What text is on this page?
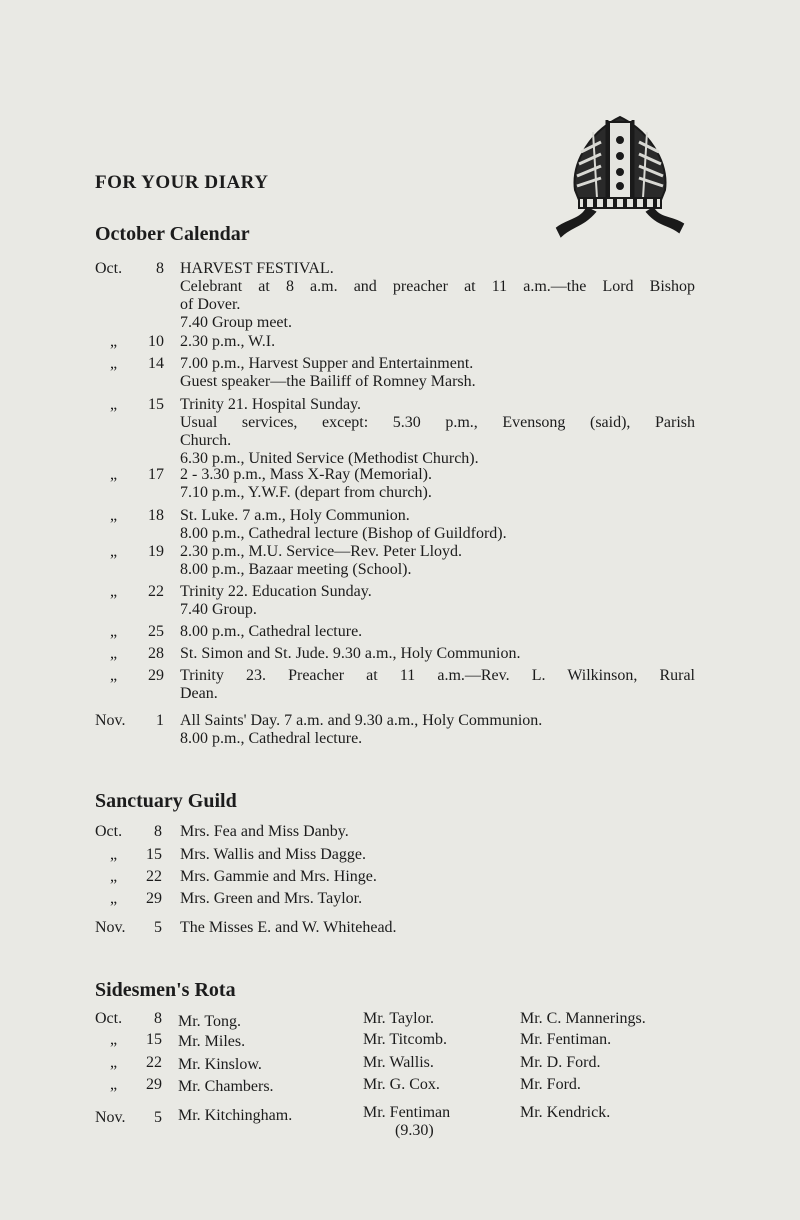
FOR YOUR DIARY
October Calendar
Oct.	8 HARVEST FESTIVAL.
Celebrant at 8 a.m. and preacher at 11 a.m.—the Lord Bishop
of Dover.
7.40 Group meet.
„	10 2.30 p.m., W.I.
„	14 7.00 p.m., Harvest Supper and Entertainment.
Guest speaker—the Bailiff of Romney Marsh.
„	15 Trinity 21. Hospital Sunday.
Usual services, except: 5.30 p.m., Evensong (said), Parish
Church.
6.30 p.m., United Service (Methodist Church).
„	17 2 - 3.30 p.m., Mass X-Ray (Memorial).
7.10 p.m., Y.W.F. (depart from church).
„	18 St. Luke. 7 a.m., Holy Communion.
8.00 p.m., Cathedral lecture (Bishop of Guildford).
„	19 2.30 p.m., M.U. Service—Rev. Peter Lloyd.
8.00 p.m., Bazaar meeting (School).
„	22 Trinity 22. Education Sunday.
7.40 Group.
„	25 8.00 p.m., Cathedral lecture.
„	28 St. Simon and St. Jude. 9.30 a.m., Holy Communion.
„	29 Trinity 23. Preacher at 11 a.m.—Rev. L. Wilkinson, Rural
Dean.
Nov.	1 All Saints' Day. 7 a.m. and 9.30 a.m., Holy Communion.
8.00 p.m., Cathedral lecture.
Sanctuary Guild
Oct.	8 Mrs. Fea and Miss Danby.
„	15 Mrs. Wallis and Miss Dagge.
„	22 Mrs. Gammie and Mrs. Hinge.
„	29 Mrs. Green and Mrs. Taylor.
Nov.	5 The Misses E. and W. Whitehead.
Sidesmen's Rota
Oct.	8 Mr. Tong.	Mr. Taylor.	Mr. C. Mannerings.
„	15 Mr. Miles.	Mr. Titcomb.	Mr. Fentiman.
„	22 Mr. Kinslow.	Mr. Wallis.	Mr. D. Ford.
„	29 Mr. Chambers.	Mr. G. Cox.	Mr. Ford.
Nov.	5 Mr. Kitchingham.	Mr. Fentiman	Mr. Kendrick.
(9.30)
